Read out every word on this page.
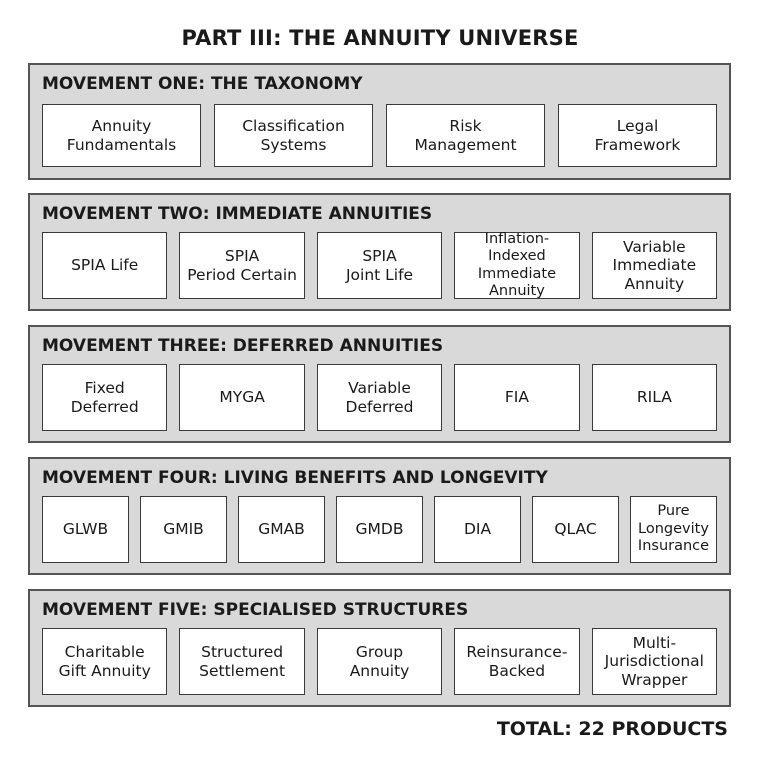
PART III: THE ANNUITY UNIVERSE
MOVEMENT ONE: THE TAXONOMY
Annuity
Fundamentals
Classification
Systems
Risk
Management
Legal
Framework
MOVEMENT TWO: IMMEDIATE ANNUITIES
SPIA Life
SPIA
Period Certain
SPIA
Joint Life
Inflation-Indexed
Immediate
Annuity
Variable
Immediate
Annuity
MOVEMENT THREE: DEFERRED ANNUITIES
Fixed
Deferred
MYGA
Variable
Deferred
FIA	RILA
MOVEMENT FOUR: LIVING BENEFITS AND LONGEVITY
GLWB	GMIB	GMAB	GMDB	DIA	QLAC
Pure
Longevity
Insurance
MOVEMENT FIVE: SPECIALISED STRUCTURES
Charitable
Gift Annuity
Structured
Settlement
Group
Annuity
Reinsurance-
Backed
Multi-
Jurisdictional
Wrapper
TOTAL: 22 PRODUCTS
